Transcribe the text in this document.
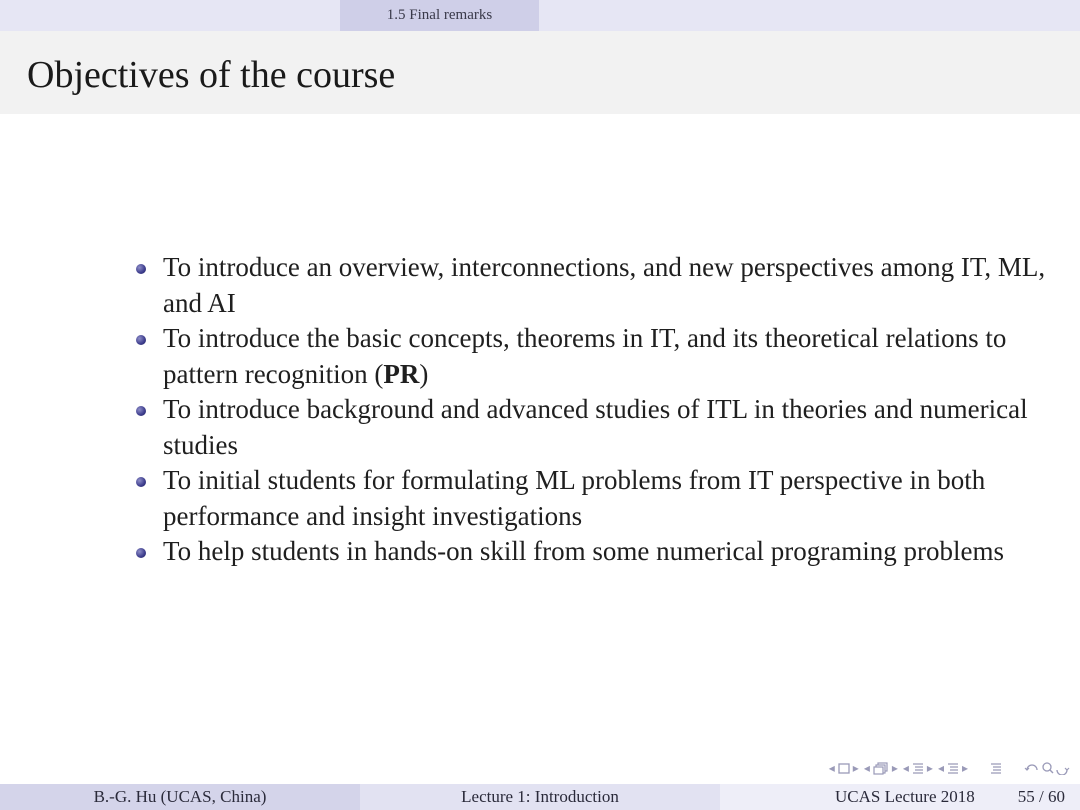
1.5 Final remarks
Objectives of the course
To introduce an overview, interconnections, and new perspectives among IT, ML, and AI
To introduce the basic concepts, theorems in IT, and its theoretical relations to pattern recognition (PR)
To introduce background and advanced studies of ITL in theories and numerical studies
To initial students for formulating ML problems from IT perspective in both performance and insight investigations
To help students in hands-on skill from some numerical programing problems
◂ ▸ ◂ ▸ ◂ ▸ ◂ ▸
B.-G. Hu (UCAS, China)	Lecture 1: Introduction	UCAS Lecture 2018	55 / 60
